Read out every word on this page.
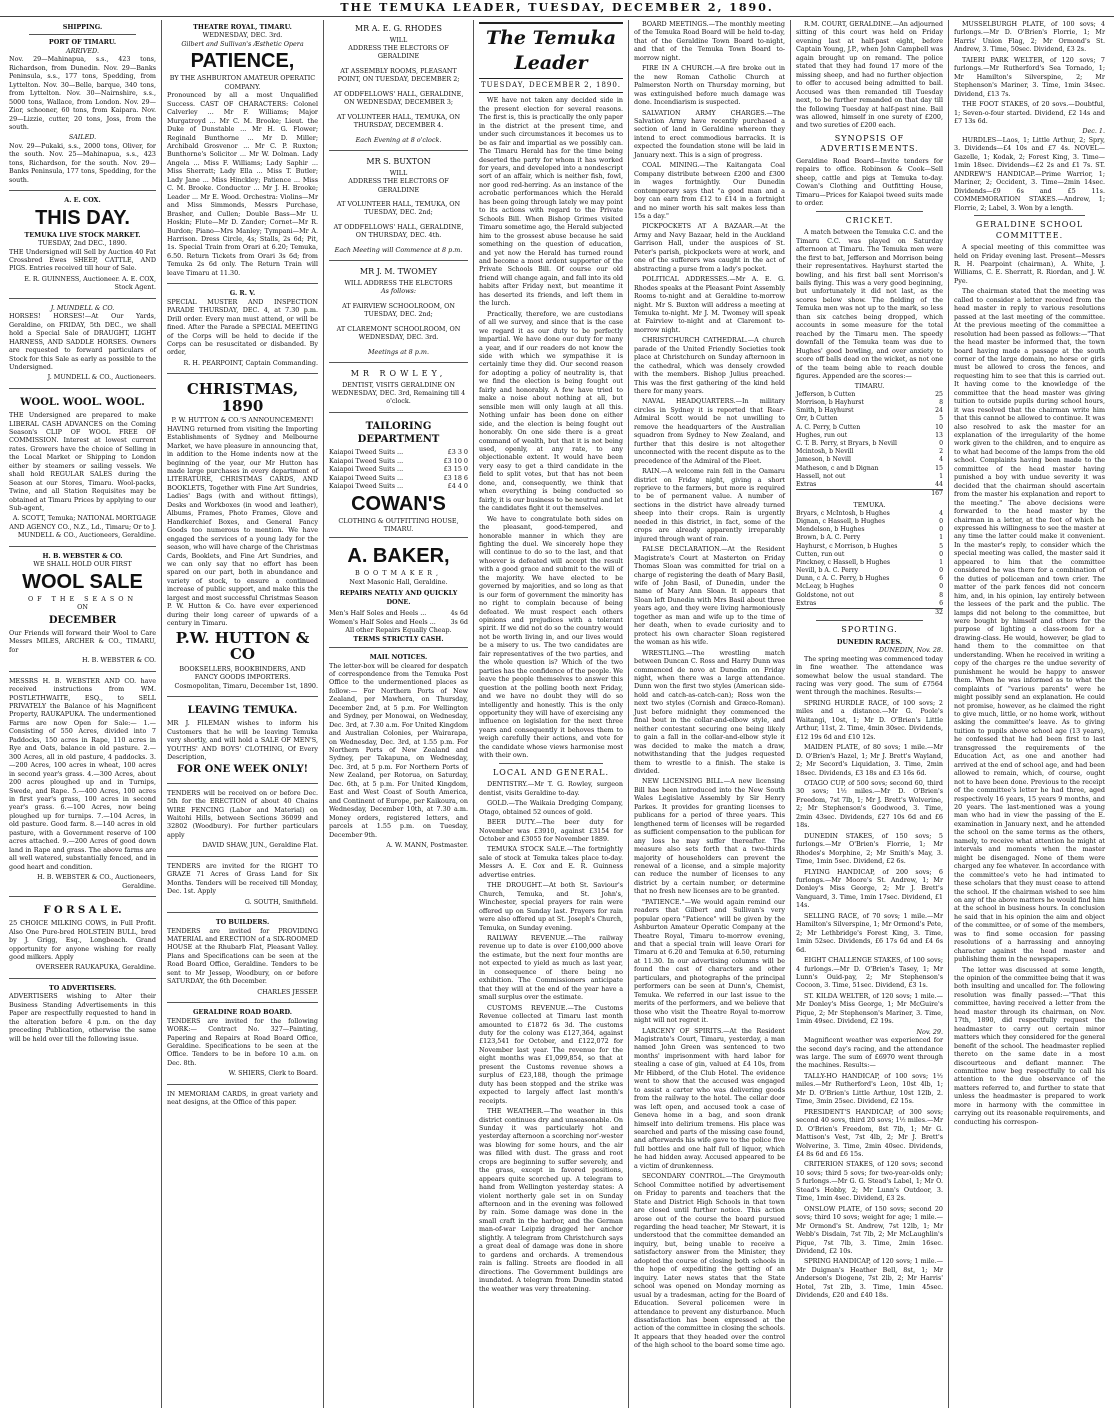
THE TEMUKA LEADER, TUESDAY, DECEMBER 2, 1890.
SHIPPING.
PORT OF TIMARU.
ARRIVED.

Nov. 29—Mahinapua, s.s., 423 tons, Richardson, from Dunedin. Nov. 29—Banks Peninsula, s.s., 177 tons, Spedding, from Lyttelton. Nov. 30—Belle, barque, 340 tons, from Lyttelton. Nov. 30—Nairnshire, s.s., 5000 tons, Wallace, from London. Nov. 29—Zior, schooner, 60 tons, from Kaipara. Nov. 29—Lizzie, cutter, 20 tons, Joss, from the south.

SAILED.

Nov. 29—Pukaki, s.s., 2000 tons, Oliver, for the south. Nov. 25—Mahinapua, s.s., 423 tons, Richardson, for the south. Nov. 29—Banks Peninsula, 177 tons, Spedding, for the south.

A. E. COX.
THIS DAY.
TEMUKA LIVE STOCK MARKET.
TUESDAY, 2nd DEC., 1890.

THE Undersigned will Sell by Auction 40 Fat Crossbred Ewes SHEEP, CATTLE, AND PIGS. Entries received till hour of Sale.

E. R. GUINNESS, Auctioneer. A. E. COX, Stock Agent.

J. MUNDELL & CO.

HORSES! HORSES!—At Our Yards, Geraldine, on FRIDAY, 5th DEC., we shall hold a Special Sale of DRAUGHT, LIGHT HARNESS, AND SADDLE HORSES. Owners are requested to forward particulars of Stock for this Sale as early as possible to the Undersigned.

J. MUNDELL & CO., Auctioneers.

WOOL. WOOL. WOOL.

THE Undersigned are prepared to make LIBERAL CASH ADVANCES on the Coming Season's CLIP OF WOOL FREE OF COMMISSION. Interest at lowest current rates. Growers have the choice of Selling in the Local Market or Shipping to London either by steamers or sailing vessels. We shall hold REGULAR SALES during the Season at our Stores, Timaru. Wool-packs, Twine, and all Station Requisites may be obtained at Timaru Prices by applying to our Sub-agent,

A. SCOTT, Temuka; NATIONAL MORTGAGE AND AGENCY CO., N.Z., Ld., Timaru; Or to J. MUNDELL & CO., Auctioneers, Geraldine.

H. B. WEBSTER & CO.
WE SHALL HOLD OUR FIRST
WOOL SALE
OF THE SEASON
ON
DECEMBER

Our Friends will forward their Wool to Care Messrs MILES, ARCHER & CO., TIMARU, for

H. B. WEBSTER & CO.

MESSRS H. B. WEBSTER AND CO. have received instructions from WM. POSTLETHWAITE, ESQ., to SELL PRIVATELY the Balance of his Magnificent Property, RAUKAPUKA. The undermentioned Farms are now Open for Sale:— 1.—Consisting of 550 Acres, divided into 7 Paddocks, 150 acres in Rape, 110 acres in Rye and Oats, balance in old pasture. 2.—300 Acres, all in old pasture, 4 paddocks. 3.—200 Acres, 100 acres in wheat, 100 acres in second year's grass. 4.—300 Acres, about 200 acres ploughed up and in Turnips, Swede, and Rape. 5.—400 Acres, 100 acres in first year's grass, 100 acres in second year's grass. 6.—100 Acres, now being ploughed up for turnips. 7.—104 Acres, in old pasture. Good farm. 8.—140 acres in old pasture, with a Government reserve of 100 acres attached. 9.—200 Acres of good down land in Rape and grass. The above farms are all well watered, substantially fenced, and in good heart and condition.

H. B. WEBSTER & CO., Auctioneers, Geraldine.

F O R S A L E.

25 CHOICE MILKING COWS, in Full Profit. Also One Pure-bred HOLSTEIN BULL, bred by J. Grigg, Esq., Longbeach. Grand opportunity for anyone wishing for really good milkers. Apply

OVERSEER RAUKAPUKA, Geraldine.

TO ADVERTISERS.

ADVERTISERS wishing to Alter their Business Standing Advertisements in this Paper are respectfully requested to hand in the alteration before 4 p.m. on the day preceding Publication, otherwise the same will be held over till the following issue.

THEATRE ROYAL, TIMARU.
WEDNESDAY, DEC. 3rd.
Gilbert and Sullivan's Æsthetic Opera
PATIENCE,
BY THE ASHBURTON AMATEUR OPERATIC COMPANY.

Pronounced by all a most Unqualified Success. CAST OF CHARACTERS: Colonel Calverley ... Mr F. Williams; Major Murgatroyd ... Mr C. M. Brooke; Lieut. the Duke of Dunstable ... Mr H. G. Flower; Reginald Bunthorne ... Mr D. Miller; Archibald Grosvenor ... Mr C. P. Ruxton; Bunthorne's Solicitor ... Mr W. Dolman. Lady Angela ... Miss F. Williams; Lady Saphir ... Miss Sherratt; Lady Ella ... Miss T. Butler; Lady Jane ... Miss Hinckley; Patience ... Miss C. M. Brooke. Conductor ... Mr J. H. Brooke; Leader ... Mr E. Wood. Orchestra: Violins—Mr and Miss Simmonds, Messrs Purchase, Brasher, and Cullen; Double Bass—Mr U. Hoskin; Flute—Mr D. Zander; Cornet—Mr R. Burdon; Piano—Mrs Manley; Tympani—Mr A. Harrison. Dress Circle, 4s; Stalls, 2s 6d; Pit, 1s. Special Train from Orari at 6.20; Temuka, 6.50. Return Tickets from Orari 3s 6d; from Temuka 2s 6d only. The Return Train will leave Timaru at 11.30.

G. R. V.

SPECIAL MUSTER AND INSPECTION PARADE THURSDAY, DEC. 4, at 7.30 p.m. Drill order. Every man must attend, or will be fined. After the Parade a SPECIAL MEETING of the Corps will be held to decide if the Corps can be resuscitated or disbanded. By order,

R. H. PEARPOINT, Captain Commanding.

CHRISTMAS, 1890
P. W. HUTTON & CO.'S ANNOUNCEMENT!

HAVING returned from visiting the Importing Establishments of Sydney and Melbourne Market, we have pleasure in announcing that, in addition to the Home indents now at the beginning of the year, our Mr Hutton has made large purchases in every department of LITERATURE, CHRISTMAS CARDS, AND BOOKLETS, Together with Fine Art Sundries, Ladies' Bags (with and without fittings), Desks and Workboxes (in wood and leather), Albums, Frames, Photo Frames, Glove and Handkerchief Boxes, and General Fancy Goods too numerous to mention. We have engaged the services of a young lady for the season, who will have charge of the Christmas Cards, Booklets, and Fine Art Sundries, and we can only say that no effort has been spared on our part, both in abundance and variety of stock, to ensure a continued increase of public support, and make this the largest and most successful Christmas Season P. W. Hutton & Co. have ever experienced during their long career of upwards of a century in Timaru.

P.W. HUTTON & CO
BOOKSELLERS, BOOKBINDERS, AND FANCY GOODS IMPORTERS.

Cosmopolitan, Timaru, December 1st, 1890.

LEAVING TEMUKA.

MR J. FILEMAN wishes to inform his Customers that he will be leaving Temuka very shortly, and will hold a SALE OF MEN'S, YOUTHS' AND BOYS' CLOTHING, Of Every Description,

FOR ONE WEEK ONLY!

TENDERS will be received on or before Dec. 5th for the ERECTION of about 40 Chains WIRE FENCING (Labor and Material) on Waitohi Hills, between Sections 36099 and 32802 (Woodbury). For further particulars apply

DAVID SHAW, JUN., Geraldine Flat.

TENDERS are invited for the RIGHT TO GRAZE 71 Acres of Grass Land for Six Months. Tenders will be received till Monday, Dec. 1st. Apply

G. SOUTH, Smithfield.

TO BUILDERS.

TENDERS are invited for PROVIDING MATERIAL and ERECTION of a SIX-ROOMED HOUSE at the Rhubarb Flat, Pleasant Valley. Plans and Specifications can be seen at the Road Board Office, Geraldine. Tenders to be sent to Mr Jessep, Woodbury, on or before SATURDAY, the 6th December.

CHARLES JESSEP.

GERALDINE ROAD BOARD.

TENDERS are invited for the following WORK:— Contract No. 327—Painting, Papering and Repairs at Road Board Office, Geraldine. Specifications to be seen at the Office. Tenders to be in before 10 a.m. on Dec. 8th.

W. SHIERS, Clerk to Board.

IN MEMORIAM CARDS, in great variety and neat designs, at the Office of this paper.

MR A. E. G. RHODES
WILL
ADDRESS THE ELECTORS OF GERALDINE

AT ASSEMBLY ROOMS, PLEASANT POINT, ON TUESDAY, DECEMBER 2;

AT ODDFELLOWS' HALL, GERALDINE, ON WEDNESDAY, DECEMBER 3;

AT VOLUNTEER HALL, TEMUKA, ON THURSDAY, DECEMBER 4.

Each Evening at 8 o'clock.

MR S. BUXTON
WILL
ADDRESS THE ELECTORS OF GERALDINE

AT VOLUNTEER HALL, TEMUKA, ON TUESDAY, DEC. 2nd;

AT ODDFELLOWS' HALL, GERALDINE, ON THURSDAY, DEC. 4th.

Each Meeting will Commence at 8 p.m.

MR J. M. TWOMEY
WILL ADDRESS THE ELECTORS
As follows:

AT FAIRVIEW SCHOOLROOM, ON TUESDAY, DEC. 2nd;

AT CLAREMONT SCHOOLROOM, ON WEDNESDAY, DEC. 3rd.

Meetings at 8 p.m.

MR ROWLEY,

DENTIST, VISITS GERALDINE ON WEDNESDAY, DEC. 3rd, Remaining till 4 o'clock.

TAILORING DEPARTMENT
Kaiapoi Tweed Suits ...	£3 3 0
Kaiapoi Tweed Suits ...	£3 10 0
Kaiapoi Tweed Suits ...	£3 15 0
Kaiapoi Tweed Suits ...	£3 18 6
Kaiapoi Tweed Suits ...	£4 4 0
COWAN'S
CLOTHING & OUTFITTING HOUSE, TIMARU.
A. BAKER,
BOOTMAKER,
Next Masonic Hall, Geraldine.
REPAIRS NEATLY AND QUICKLY DONE.
Men's Half Soles and Heels ...	4s 6d
Women's Half Soles and Heels ... 3s 6d
All other Repairs Equally Cheap.
TERMS STRICTLY CASH.
MAIL NOTICES.

The letter-box will be cleared for despatch of correspondence from the Temuka Post Office to the undermentioned places as follow:— For Northern Ports of New Zealand, per Mawhera, on Thursday, December 2nd, at 5 p.m. For Wellington and Sydney, per Monowai, on Wednesday, Dec. 3rd, at 7.30 a.m. For United Kingdom and Australian Colonies, per Wairarapa, on Wednesday, Dec. 3rd, at 1.55 p.m. For Northern Ports of New Zealand and Sydney, per Takapuna, on Wednesday, Dec. 3rd, at 5 p.m. For Northern Ports of New Zealand, per Rotorua, on Saturday, Dec. 6th, at 5 p.m. For United Kingdom, East and West Coast of South America, and Continent of Europe, per Kaikoura, on Wednesday, December 10th, at 7.30 a.m. Money orders, registered letters, and parcels at 1.55 p.m. on Tuesday, December 9th.

A. W. MANN, Postmaster.

The Temuka Leader
TUESDAY, DECEMBER 2, 1890.

WE have not taken any decided side in the present election for several reasons. The first is, this is practically the only paper in the district at the present time, and under such circumstances it becomes us to be as fair and impartial as we possibly can. The Timaru Herald has for the time being deserted the party for whom it has worked for years, and developed into a nondescript sort of an affair, which is neither fish, fowl, nor good red-herring. As an instance of the acrobatic performances which the Herald has been going through lately we may point to its actions with regard to the Private Schools Bill. When Bishop Grimes visited Timaru sometime ago, the Herald subjected him to the grossest abuse because he said something on the question of education, and yet now the Herald has turned round and become a most ardent supporter of the Private Schools Bill. Of course our old friend will change again, and fall into its old habits after Friday next, but meantime it has deserted its friends, and left them in the lurch.

Practically, therefore, we are custodians of all we survey, and since that is the case we regard it as our duty to be perfectly impartial. We have done our duty for many a year, and if our readers do not know the side with which we sympathise it is certainly time they did. Our second reason for adopting a policy of neutrality is, that we find the election is being fought out fairly and honorably. A few have tried to make a noise about nothing at all, but sensible men will only laugh at all this. Nothing unfair has been done on either side, and the election is being fought out honorably. On one side there is a great command of wealth, but that it is not being used, openly, at any rate, to any objectionable extent. It would have been very easy to get a third candidate in the field to split votes, but that has not been done, and, consequently, we think that when everything is being conducted so fairly, it is our business to be neutral and let the candidates fight it out themselves.

We have to congratulate both sides on the pleasant, good-tempered, and honorable manner in which they are fighting the duel. We sincerely hope they will continue to do so to the last, and that whoever is defeated will accept the result with a good grace and submit to the will of the majority. We have elected to be governed by majorities, and so long as that is our form of government the minority has no right to complain because of being defeated. We must respect each others opinions and prejudices with a tolerant spirit. If we did not do so the country would not be worth living in, and our lives would be a misery to us. The two candidates are fair representatives of the two parties, and the whole question is? Which of the two parties has the confidence of the people. We leave the people themselves to answer this question at the polling booth next Friday, and we have no doubt they will do so intelligently and honestly. This is the only opportunity they will have of exercising any influence on legislation for the next three years and consequently it behoves them to weigh carefully their actions, and vote for the candidate whose views harmonise most with their own.

LOCAL AND GENERAL.

DENTISTRY.—Mr T. G. Rowley, surgeon dentist, visits Geraldine to-day.

GOLD.—The Waikaia Dredging Company, Otago, obtained 52 ounces of gold.

BEER DUTY.—The beer duty for November was £3910, against £3154 for October and £3055 for November 1889.

TEMUKA STOCK SALE.—The fortnightly sale of stock at Temuka takes place to-day. Messrs A. E. Cox and E. R. Guinness advertise entries.

THE DROUGHT.—At both St. Saviour's Church, Temuka, and St. John's, Winchester, special prayers for rain were offered up on Sunday last. Prayers for rain were also offered up at St. Joseph's Church, Temuka, on Sunday evening.

RAILWAY REVENUE.—The railway revenue up to date is over £100,000 above the estimate, but the next four months are not expected to yield as much as last year, in consequence of there being no exhibition. The Commissioners anticipate that they will at the end of the year have a small surplus over the estimate.

CUSTOMS REVENUE.—The Customs Revenue collected at Timaru last month amounted to £1872 6s 3d. The customs duty for the colony was £127,364, against £123,541 for October, and £122,072 for November last year. The revenue for the eight months was £1,099,854, so that at present the Customs revenue shows a surplus of £23,188, though the primage duty has been stopped and the strike was expected to largely affect last month's receipts.

THE WEATHER.—The weather in this district continues dry and unseasonable. On Sunday it was particularly hot and yesterday afternoon a scorching nor'-wester was blowing for some hours, and the air was filled with dust. The grass and root crops are beginning to suffer severely, and the grass, except in favored positions, appears quite scorched up. A telegram to hand from Wellington yesterday states: A violent northerly gale set in on Sunday afternoon and in the evening was followed by rain. Some damage was done in the small craft in the harbor, and the German man-of-war Leipzig dragged her anchor slightly. A telegram from Christchurch says a great deal of damage was done in shore to gardens and orchards. A tremendous rain is falling. Streets are flooded in all directions. The Government buildings are inundated. A telegram from Dunedin stated the weather was very threatening.

BOARD MEETINGS.—The monthly meeting of the Temuka Road Board will be held to-day, that of the Geraldine Town Board to-night, and that of the Temuka Town Board to-morrow night.

FIRE IN A CHURCH.—A fire broke out in the new Roman Catholic Church at Palmerston North on Thursday morning, but was extinguished before much damage was done. Incendiarism is suspected.

SALVATION ARMY CHARGES.—The Salvation Army have recently purchased a section of land in Geraldine whereon they intend to erect commodious barracks. It is expected the foundation stone will be laid in January next. This is a sign of progress.

COAL MINING.—The Kaitangata Coal Company distribute between £200 and £300 in wages fortnightly. Our Dunedin contemporary says that "a good man and a boy can earn from £12 to £14 in a fortnight and no miner worth his salt makes less than 15s a day."

PICKPOCKETS AT A BAZAAR.—At the Army and Navy Bazaar, held in the Auckland Garrison Hall, under the auspices of St. Peter's parish, pickpockets were at work, and one of the sufferers was caught in the act of abstracting a purse from a lady's pocket.

POLITICAL ADDRESSES.—Mr A. E. G. Rhodes speaks at the Pleasant Point Assembly Rooms to-night and at Geraldine to-morrow night. Mr S. Buxton will address a meeting at Temuka to-night. Mr J. M. Twomey will speak at Fairview to-night and at Claremont to-morrow night.

CHRISTCHURCH CATHEDRAL.—A church parade of the United Friendly Societies took place at Christchurch on Sunday afternoon in the cathedral, which was densely crowded with the members. Bishop Julius preached. This was the first gathering of the kind held there for many years.

NAVAL HEADQUARTERS.—In military circles in Sydney it is reported that Rear-Admiral Scott would be not unwilling to remove the headquarters of the Australian squadron from Sydney to New Zealand, and further that this desire is not altogether unconnected with the recent dispute as to the precedence of the Admiral of the Fleet.

RAIN.—A welcome rain fell in the Oamaru district on Friday night, giving a short reprieve to the farmers, but more is required to be of permanent value. A number of sections in the district have already turned sheep into their crops. Rain is urgently needed in this district, in fact, some of the crops are already apparently irreparably injured through want of rain.

FALSE DECLARATION.—At the Resident Magistrate's Court at Masterton on Friday Thomas Sloan was committed for trial on a charge of registering the death of Mary Basil, wife of John Basil, of Dunedin, under the name of Mary Ann Sloan. It appears that Sloan left Dunedin with Mrs Basil about three years ago, and they were living harmoniously together as man and wife up to the time of her death, when to evade curiosity and to protect his own character Sloan registered the woman as his wife.

WRESTLING.—The wrestling match between Duncan C. Ross and Harry Dunn was commenced de novo at Dunedin on Friday night, when there was a large attendance. Dunn won the first two styles (American side-hold and catch-as-catch-can); Ross won the next two styles (Cornish and Græco-Roman). Just before midnight they commenced the final bout in the collar-and-elbow style, and neither contestant securing one being likely to gain a fall in the collar-and-elbow style it was decided to make the match a draw, notwithstanding that the judges requested them to wrestle to a finish. The stake is divided.

NEW LICENSING BILL.—A new licensing Bill has been introduced into the New South Wales Legislative Assembly by Sir Henry Parkes. It provides for granting licenses to publicans for a period of three years. This lengthened term of licenses will be regarded as sufficient compensation to the publican for any loss he may suffer thereafter. The measure also sets forth that a two-thirds majority of householders can prevent the renewal of a license, and a simple majority can reduce the number of licenses to any district by a certain number, or determine that no fresh new licenses are to be granted.

"PATIENCE."—We would again remind our readers that Gilbert and Sullivan's very popular opera "Patience" will be given by the Ashburton Amateur Operatic Company at the Theatre Royal, Timaru to-morrow evening, and that a special train will leave Orari for Timaru at 6.20 and Temuka at 6.50, returning at 11.30. In our advertising columns will be found the cast of characters and other particulars, and photographs of the principal performers can be seen at Dunn's, Chemist, Temuka. We referred in our last issue to the merits of the performers, and we believe that those who visit the Theatre Royal to-morrow night will not regret it.

LARCENY OF SPIRITS.—At the Resident Magistrate's Court, Timaru, yesterday, a man named John Green was sentenced to two months' imprisonment with hard labor for stealing a case of gin, valued at £4 10s, from Mr Hibberd, of the Club Hotel. The evidence went to show that the accused was engaged to assist a carter who was delivering goods from the railway to the hotel. The cellar door was left open, and accused took a case of Geneva home in a bag, and soon drank himself into delirium tremens. His place was searched and parts of the missing case found, and afterwards his wife gave to the police five full bottles and one half full of liquor, which he had hidden away. Accused appeared to be a victim of drunkenness.

SECONDARY CONTROL.—The Greymouth School Committee notified by advertisement on Friday to parents and teachers that the State and District High Schools in that town are closed until further notice. This action arose out of the course the board pursued regarding the head teacher, Mr Stewart, it is understood that the committee demanded an inquiry, but, being unable to receive a satisfactory answer from the Minister, they adopted the course of closing both schools in the hope of expediting the getting of an inquiry. Later news states that the State school was opened on Monday morning as usual by a tradesman, acting for the Board of Education. Several policemen were in attendance to prevent any disturbance. Much dissatisfaction has been expressed at the action of the committee in closing the schools. It appears that they headed over the control of the high school to the board some time ago.

R.M. COURT, GERALDINE.—An adjourned sitting of this court was held on Friday evening last at half-past eight, before Captain Young, J.P., when John Campbell was again brought up on remand. The police stated that they had found 17 more of the missing sheep, and had no further objection to offer to accused being admitted to bail. Accused was then remanded till Tuesday next, to be further remanded on that day till the following Tuesday at half-past nine. Bail was allowed, himself in one surety of £200, and two sureties of £200 each.

SYNOPSIS OF ADVERTISEMENTS.

Geraldine Road Board—Invite tenders for repairs to office. Robinson & Cook—Sell sheep, cattle and pigs at Temuka to-day. Cowan's Clothing and Outfitting House, Timaru—Prices for Kaiapoi tweed suits made to order.

CRICKET.

A match between the Temuka C.C. and the Timaru C.C. was played on Saturday afternoon at Timaru. The Temuka men were the first to bat, Jefferson and Morrison being their representatives. Hayhurst started the bowling, and his first ball sent Morrison's bails flying. This was a very good beginning, but unfortunately it did not last, as the scores below show. The fielding of the Temuka men was not up to the mark, so less than six catches being dropped, which accounts in some measure for the total reached by the Timaru men. The speedy downfall of the Temuka team was due to Hughes' good bowling, and over anxiety to score off balls dead on the wicket, as not one of the team being able to reach double figures. Appended are the scores:—

TIMARU.
Jefferson, b Cutten	25
Morrison, b Hayhurst	8
Smith, b Hayhurst	24
Orr, b Cutten	5
A. C. Perry, b Cutten	10
Hughes, run out	13
C. T. B. Perry, st Bryars, b Nevill	0
Mcintosh, b Nevill	2
Jameson, b Nevill	4
Matheson, c and b Dignan	15
Hassell, not out	1
Extras	44
	167
TEMUKA.
Bryars, c McIntosh, b Hughes	4
Dignan, c Hassell, b Hughes	0
Mendelson, b Hughes	0
Brown, b A. C. Perry	1
Hayhurst, c Morrison, b Hughes	5
Cutten, run out	0
Pinckney, c Hassell, b Hughes	1
Nevill, b A. C. Perry	0
Dunn, c A. C. Perry, b Hughes	6
McLeay, b Hughes	0
Goldstone, not out	8
Extras	6
	32
SPORTING.
DUNEDIN RACES.
DUNEDIN, Nov. 28.

The spring meeting was commenced today in fine weather. The attendance was somewhat below the usual standard. The racing was very good. The sum of £7564 went through the machines. Results:—

SPRING HURDLE RACE, of 100 sovs; 2 miles and a distance.—Mr G. Poole's Waitangi, 10st, 1; Mr D. O'Brien's Little Arthur, 11st, 2. Time, 4min 30sec. Dividends, £12 19s 6d and £10 12s.

MAIDEN PLATE, of 80 sovs; 1 mile.—Mr D. O'Brien's Hazel, 1; Mr J. Brett's Wayland, 2; Mr Secord's Liquidation, 3. Time, 2min 18sec. Dividends, £3 18s and £3 16s 6d.

OTAGO CUP, of 500 sovs; second 60, third 30 sovs; 1½ miles.—Mr D. O'Brien's Freedom, 7st 7lb, 1; Mr J. Brett's Wolverine, 2; Mr Stephenson's Goodwood, 3. Time, 2min 43sec. Dividends, £27 10s 6d and £6 18s.

DUNEDIN STAKES, of 150 sovs; 5 furlongs.—Mr O'Brien's Florrie, 1; Mr Rhodes's Morphine, 2; Mr Smith's May, 3. Time, 1min 5sec. Dividend, £2 6s.

FLYING HANDICAP, of 200 sovs; 6 furlongs.—Mr Moore's St. Andrew, 1; Mr Donley's Miss George, 2; Mr J. Brett's Vanguard, 3. Time, 1min 17sec. Dividend, £1 14s.

SELLING RACE, of 70 sovs; 1 mile.—Mr Hamilton's Silverspine, 1; Mr Ormond's Pete, 2; Mr Lethbridge's Forest King, 3. Time, 1min 52sec. Dividends, £6 17s 6d and £4 6s 6d.

EIGHT CHALLENGE STAKES, of 100 sovs; 4 furlongs.—Mr D. O'Brien's Tasey, 1; Mr Lunn's Ouid-pay, 2; Mr Stephenson's Cocoon, 3. Time, 51sec. Dividend, £3 1s.

ST. KILDA WELTER, of 120 sovs; 1 mile.—Mr Donley's Miss George, 1; Mr McGuire's Pique, 2; Mr Stephenson's Mariner, 3. Time, 1min 49sec. Dividend, £2 19s.

Nov. 29.

Magnificent weather was experienced for the second day's racing, and the attendance was large. The sum of £6970 went through the machines. Results:—

TALLY-HO HANDICAP, of 100 sovs; 1½ miles.—Mr Rutherford's Leon, 10st 4lb, 1; Mr D. O'Brien's Little Arthur, 10st 12lb, 2. Time, 3min 25sec. Dividend, £2 15s.

PRESIDENT'S HANDICAP, of 300 sovs; second 40 sovs, third 20 sovs; 1½ miles.—Mr D. O'Brien's Freedom, 8st 7lb, 1; Mr G. Mattison's Vest, 7st 4lb, 2; Mr J. Brett's Wolverine, 3. Time, 2min 40sec. Dividends, £4 8s 6d and £6 15s.

CRITERION STAKES, of 120 sovs; second 10 sovs; third 5 sovs; for two-year-olds only; 5 furlongs.—Mr G. G. Stead's Label, 1; Mr O. Stead's Hobby, 2; Mr Lunn's Outdoor, 3. Time, 1min 4sec. Dividend, £3 2s.

ONSLOW PLATE, of 150 sovs; second 20 sovs; third 10 sovs; weight for age; 1 mile.—Mr Ormond's St. Andrew, 7st 12lb, 1; Mr Webb's Disdain, 7st 7lb, 2; Mr McLaughlin's Pique, 7st 7lb, 3. Time, 2min 16sec. Dividend, £2 10s.

SPRING HANDICAP, of 120 sovs; 1 mile.—Mr Duignan's Heather Bell, 8st, 1; Mr Anderson's Diogene, 7st 2lb, 2; Mr Harris' Hotel, 7st 2lb, 3. Time, 1min 45sec. Dividends, £20 and £40 18s.

MUSSELBURGH PLATE, of 100 sovs; 4 furlongs.—Mr D. O'Brien's Florrie, 1; Mr Harris' Union Flag, 2; Mr Ormond's St. Andrew, 3. Time, 50sec. Dividend, £3 2s.

TAIERI PARK WELTER, of 120 sovs; 7 furlongs.—Mr Rutherford's Sea Tornado, 1; Mr Hamilton's Silverspine, 2; Mr Stephenson's Mariner, 3. Time, 1min 34sec. Dividend, £13 7s.

THE FOOT STAKES, of 20 sovs.—Doubtful, 1; Seven-o-four started. Dividend, £2 14s and £7 13s 6d.

Dec. 1.

HURDLES—Laos, 1; Little Arthur, 2; Spry, 3. Dividends—£4 10s and £7 4s. NOVEL—Gazelle, 1; Kodak, 2; Forest King, 3. Time—1min 18sec. Dividends—£2 2s and £1 7s. ST. ANDREW'S HANDICAP.—Prime Warrior, 1; Mariner, 2; Occident, 3. Time—2min 14sec. Dividends—£9 6s and £5 11s. COMMEMORATION STAKES.—Andrew, 1; Florrie, 2; Label, 3. Won by a length.

GERALDINE SCHOOL COMMITTEE.

A special meeting of this committee was held on Friday evening last. Present—Messrs R. H. Pearpoint (chairman), A. White, J. Williams, C. E. Sherratt, R. Riordan, and J. W. Pye.

The chairman stated that the meeting was called to consider a letter received from the head master in reply to various resolutions passed at the last meeting of the committee. At the previous meeting of the committee a resolution had been passed as follows:—"That the head master be informed that, the town board having made a passage at the south corner of the large domain, no horse or girls must be allowed to cross the fences, and requesting him to see that this is carried out. It having come to the knowledge of the committee that the head master was giving tuition to outside pupils during school hours, it was resolved that the chairman write him that this cannot be allowed to continue. It was also resolved to ask the master for an explanation of the irregularity of the home work given to the children, and to enquire as to what had become of the lamps from the old school. Complaints having been made to the committee of the head master having punished a boy with undue severity it was decided that the chairman should ascertain from the master his explanation and report to the meeting." The above decisions were forwarded to the head master by the chairman in a letter, at the foot of which he expressed his willingness to see the master at any time the latter could make it convenient. In the master's reply, to consider which the special meeting was called, the master said it appeared to him that the committee considered he was there for a combination of the duties of policeman and town crier. The matter of the park fences did not concern him, and, in his opinion, lay entirely between the lessees of the park and the public. The lamps did not belong to the committee, but were bought by himself and others for the purpose of lighting a class-room for a drawing-class. He would, however, be glad to hand them to the committee on that understanding. When he received in writing a copy of the charges re the undue severity of punishment he would be happy to answer them. When he was informed as to what the complaints of "various parents" were he might possibly send an explanation. He could not promise, however, as he claimed the right to give much, little, or no home work, without asking the committee's leave. As to giving tuition to pupils above school age (13 years), he confessed that he had been first to last transgressed the requirements of the Education Act, as one and another had arrived at the end of school age, and had been allowed to remain, which, of course, ought not to have been done. Previous to the receipt of the committee's letter he had three, aged respectively 16 years, 15 years 9 months, and 20 years. The last-mentioned was a young man who had in view the passing of the E. examination in January next, and he attended the school on the same terms as the others, namely, to receive what attention he might at intervals and moments when the master might be disengaged. None of them were charged any fee whatever. In accordance with the committee's veto he had intimated to these scholars that they must cease to attend the school. If the chairman wished to see him on any of the above matters he would find him at the school in business hours. In conclusion he said that in his opinion the aim and object of the committee, or of some of the members, was to find some occasion for passing resolutions of a harrassing and annoying character against the head master and publishing them in the newspapers.

The letter was discussed at some length, the opinion of the committee being that it was both insulting and uncalled for. The following resolution was finally passed:—"That this committee, having received a letter from the head master through its chairman, on Nov. 17th, 1890, did respectfully request the headmaster to carry out certain minor matters which they considered for the general benefit of the school. The headmaster replied thereto on the same date in a most discourteous and defiant manner. The committee now beg respectfully to call his attention to the due observance of the matters referred to, and further to state that unless the headmaster is prepared to work more in harmony with the committee in carrying out its reasonable requirements, and conducting his correspon-
